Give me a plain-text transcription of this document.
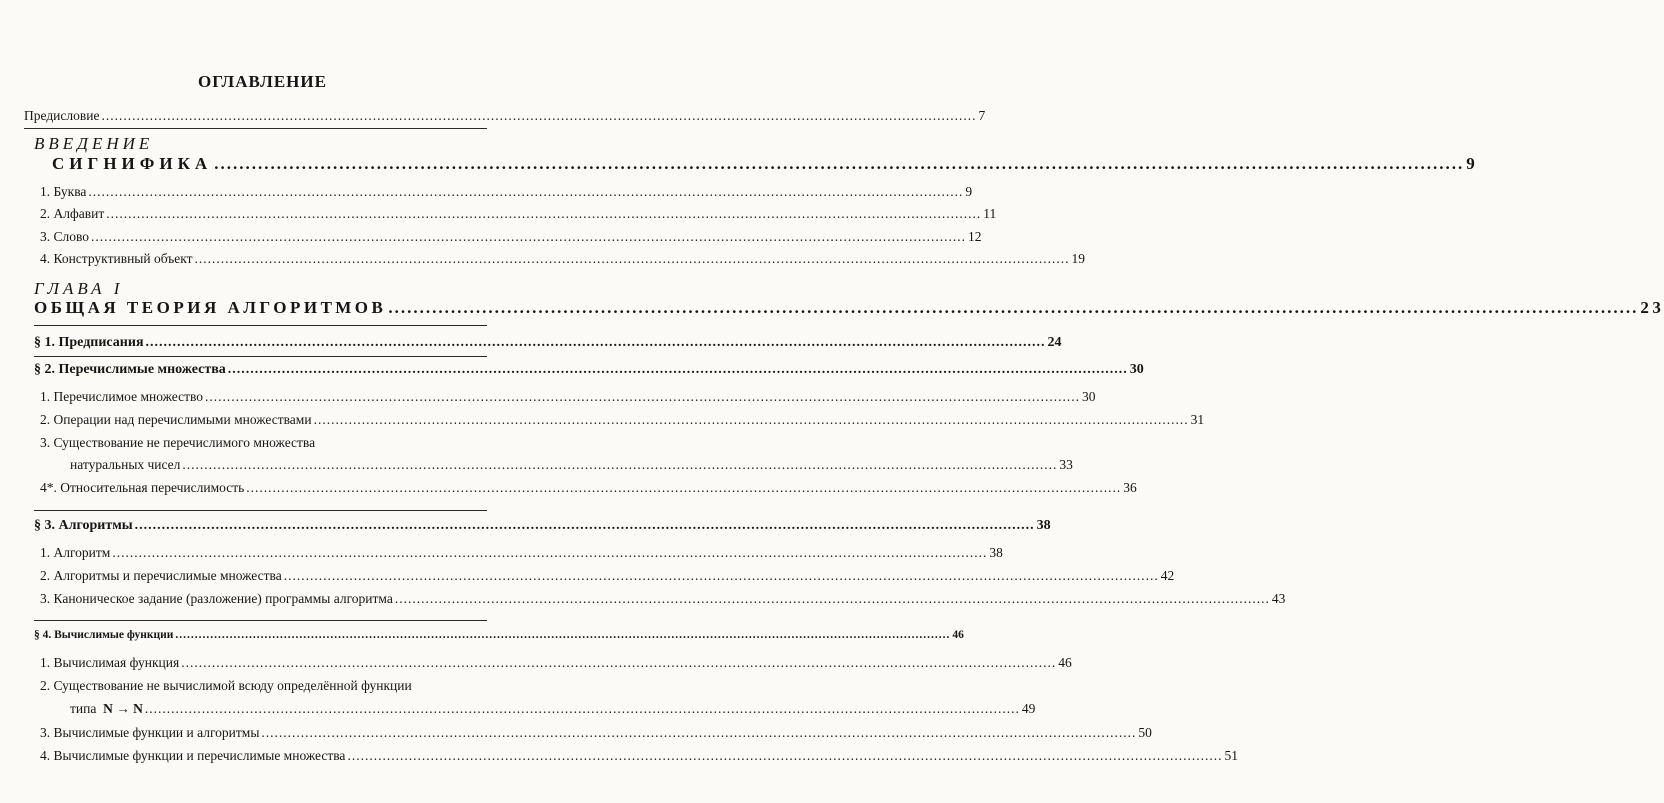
ОГЛАВЛЕНИЕ
Предисловие ........................................................................................................................................................................................................ 7
ВВЕДЕНИЕ
СИГНИФИКА ........................................................................................................................................................................................................ 9
1. Буква ........................................................................................................................................................................................................ 9
2. Алфавит ........................................................................................................................................................................................................ 11
3. Слово ........................................................................................................................................................................................................ 12
4. Конструктивный объект ........................................................................................................................................................................................................ 19
ГЛАВА I
ОБЩАЯ ТЕОРИЯ АЛГОРИТМОВ ........................................................................................................................................................................................................ 23
§ 1. Предписания ........................................................................................................................................................................................................ 24
§ 2. Перечислимые множества ........................................................................................................................................................................................................ 30
1. Перечислимое множество ........................................................................................................................................................................................................ 30
2. Операции над перечислимыми множествами ........................................................................................................................................................................................................ 31
3. Существование не перечислимого множества
натуральных чисел ........................................................................................................................................................................................................ 33
4*. Относительная перечислимость ........................................................................................................................................................................................................ 36
§ 3. Алгоритмы ........................................................................................................................................................................................................ 38
1. Алгоритм ........................................................................................................................................................................................................ 38
2. Алгоритмы и перечислимые множества ........................................................................................................................................................................................................ 42
3. Каноническое задание (разложение) программы алгоритма ........................................................................................................................................................................................................ 43
§ 4. Вычислимые функции ........................................................................................................................................................................................................ 46
1. Вычислимая функция ........................................................................................................................................................................................................ 46
2. Существование не вычислимой всюду определённой функции
типа N → N ........................................................................................................................................................................................................ 49
3. Вычислимые функции и алгоритмы ........................................................................................................................................................................................................ 50
4. Вычислимые функции и перечислимые множества ........................................................................................................................................................................................................ 51
